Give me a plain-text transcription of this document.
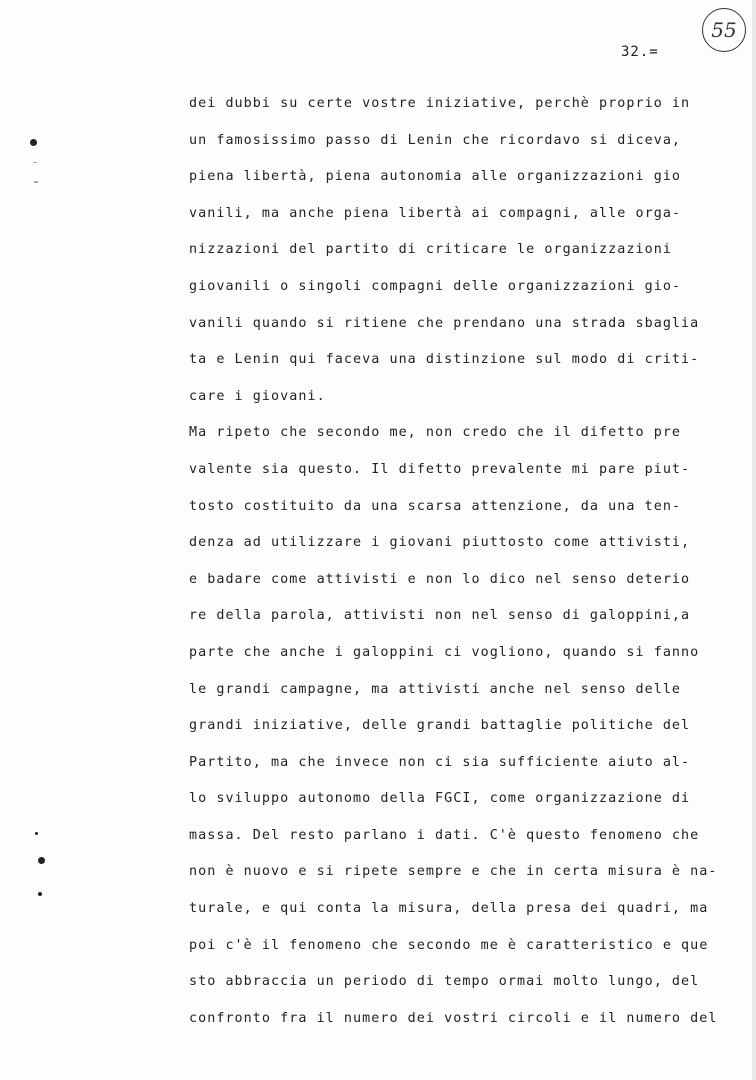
55
32.=
dei dubbi su certe vostre iniziative, perchè proprio in
un famosissimo passo di Lenin che ricordavo si diceva,
piena libertà, piena autonomia alle organizzazioni gio
vanili, ma anche piena libertà ai compagni, alle orga-
nizzazioni del partito di criticare le organizzazioni
giovanili o singoli compagni delle organizzazioni gio-
vanili quando si ritiene che prendano una strada sbaglia
ta e Lenin qui faceva una distinzione sul modo di criti-
care i giovani.
Ma ripeto che secondo me, non credo che il difetto pre
valente sia questo. Il difetto prevalente mi pare piut-
tosto costituito da una scarsa attenzione, da una ten-
denza ad utilizzare i giovani piuttosto come attivisti,
e badare come attivisti e non lo dico nel senso deterio
re della parola, attivisti non nel senso di galoppini,a
parte che anche i galoppini ci vogliono, quando si fanno
le grandi campagne, ma attivisti anche nel senso delle
grandi iniziative, delle grandi battaglie politiche del
Partito, ma che invece non ci sia sufficiente aiuto al-
lo sviluppo autonomo della FGCI, come organizzazione di
massa. Del resto parlano i dati. C'è questo fenomeno che
non è nuovo e si ripete sempre e che in certa misura è na-
turale, e qui conta la misura, della presa dei quadri, ma
poi c'è il fenomeno che secondo me è caratteristico e que
sto abbraccia un periodo di tempo ormai molto lungo, del
confronto fra il numero dei vostri circoli e il numero del
